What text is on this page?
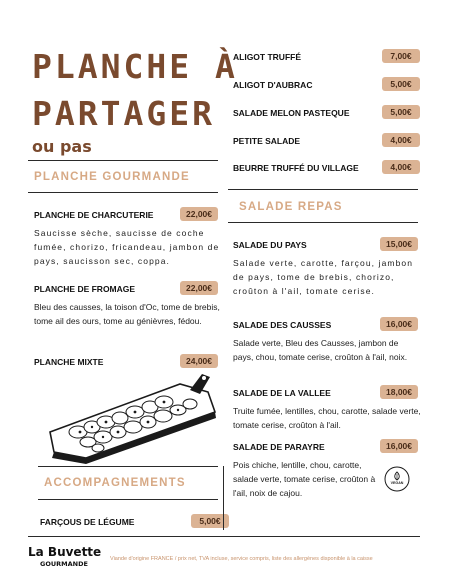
PLANCHE À
PARTAGER
ou pas
PLANCHE GOURMANDE
PLANCHE DE CHARCUTERIE	22,00€
Saucisse sèche, saucisse de coche fumée, chorizo, fricandeau, jambon de pays, saucisson sec, coppa.
PLANCHE DE FROMAGE	22,00€
Bleu des causses, la toison d'Oc, tome de brebis, tome ail des ours, tome au génièvres, fédou.
PLANCHE MIXTE	24,00€
ACCOMPAGNEMENTS
FARÇOUS DE LÉGUME	5,00€
ALIGOT TRUFFÉ	7,00€
ALIGOT D'AUBRAC	5,00€
SALADE MELON PASTEQUE	5,00€
PETITE SALADE	4,00€
BEURRE TRUFFÉ DU VILLAGE	4,00€
SALADE REPAS
SALADE DU PAYS	15,00€
Salade verte, carotte, farçou, jambon de pays, tome de brebis, chorizo, croûton à l'ail, tomate cerise.
SALADE DES CAUSSES	16,00€
Salade verte, Bleu des Causses, jambon de pays, chou, tomate cerise, croûton à l'ail, noix.
SALADE DE LA VALLEE	18,00€
Truite fumée, lentilles, chou, carotte, salade verte, tomate cerise, croûton à l'ail.
SALADE DE PARAYRE	16,00€
Pois chiche, lentille, chou, carotte, salade verte, tomate cerise, croûton à l'ail, noix de cajou.
VEGAN
La Buvette
GOURMANDE
Viande d'origine FRANCE / prix net, TVA incluse, service compris, liste des allergènes disponible à la caisse
